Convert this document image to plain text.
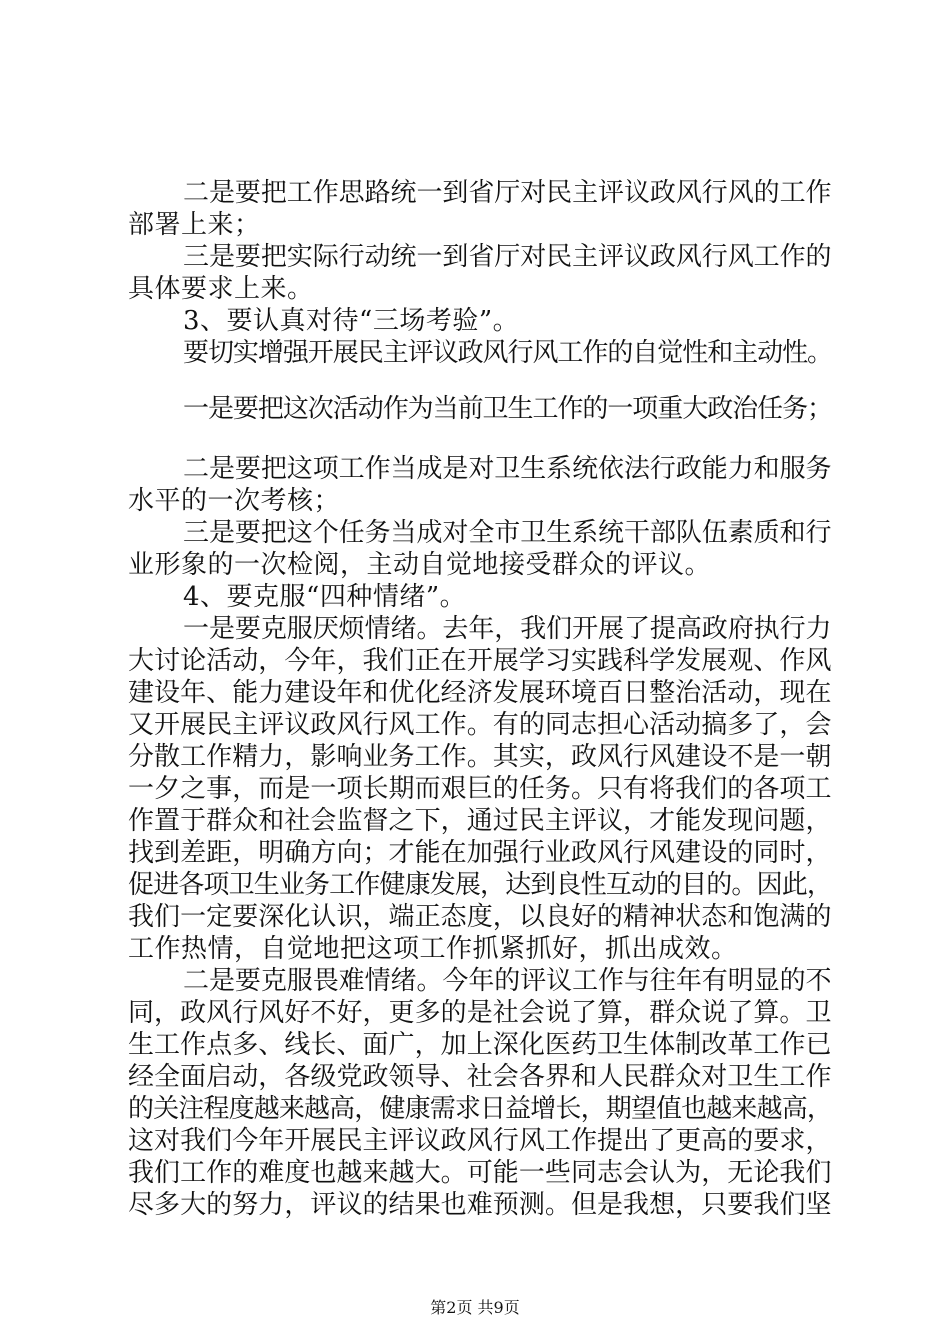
二是要把工作思路统一到省厅对民主评议政风行风的工作
部署上来；
三是要把实际行动统一到省厅对民主评议政风行风工作的
具体要求上来。
3、要认真对待“三场考验”。
要切实增强开展民主评议政风行风工作的自觉性和主动性。
一是要把这次活动作为当前卫生工作的一项重大政治任务；
二是要把这项工作当成是对卫生系统依法行政能力和服务
水平的一次考核；
三是要把这个任务当成对全市卫生系统干部队伍素质和行
业形象的一次检阅，主动自觉地接受群众的评议。
4、要克服“四种情绪”。
一是要克服厌烦情绪。去年，我们开展了提高政府执行力
大讨论活动，今年，我们正在开展学习实践科学发展观、作风
建设年、能力建设年和优化经济发展环境百日整治活动，现在
又开展民主评议政风行风工作。有的同志担心活动搞多了，会
分散工作精力，影响业务工作。其实，政风行风建设不是一朝
一夕之事，而是一项长期而艰巨的任务。只有将我们的各项工
作置于群众和社会监督之下，通过民主评议，才能发现问题，
找到差距，明确方向；才能在加强行业政风行风建设的同时，
促进各项卫生业务工作健康发展，达到良性互动的目的。因此，
我们一定要深化认识，端正态度，以良好的精神状态和饱满的
工作热情，自觉地把这项工作抓紧抓好，抓出成效。
二是要克服畏难情绪。今年的评议工作与往年有明显的不
同，政风行风好不好，更多的是社会说了算，群众说了算。卫
生工作点多、线长、面广，加上深化医药卫生体制改革工作已
经全面启动，各级党政领导、社会各界和人民群众对卫生工作
的关注程度越来越高，健康需求日益增长，期望值也越来越高，
这对我们今年开展民主评议政风行风工作提出了更高的要求，
我们工作的难度也越来越大。可能一些同志会认为，无论我们
尽多大的努力，评议的结果也难预测。但是我想，只要我们坚
第2页 共9页
